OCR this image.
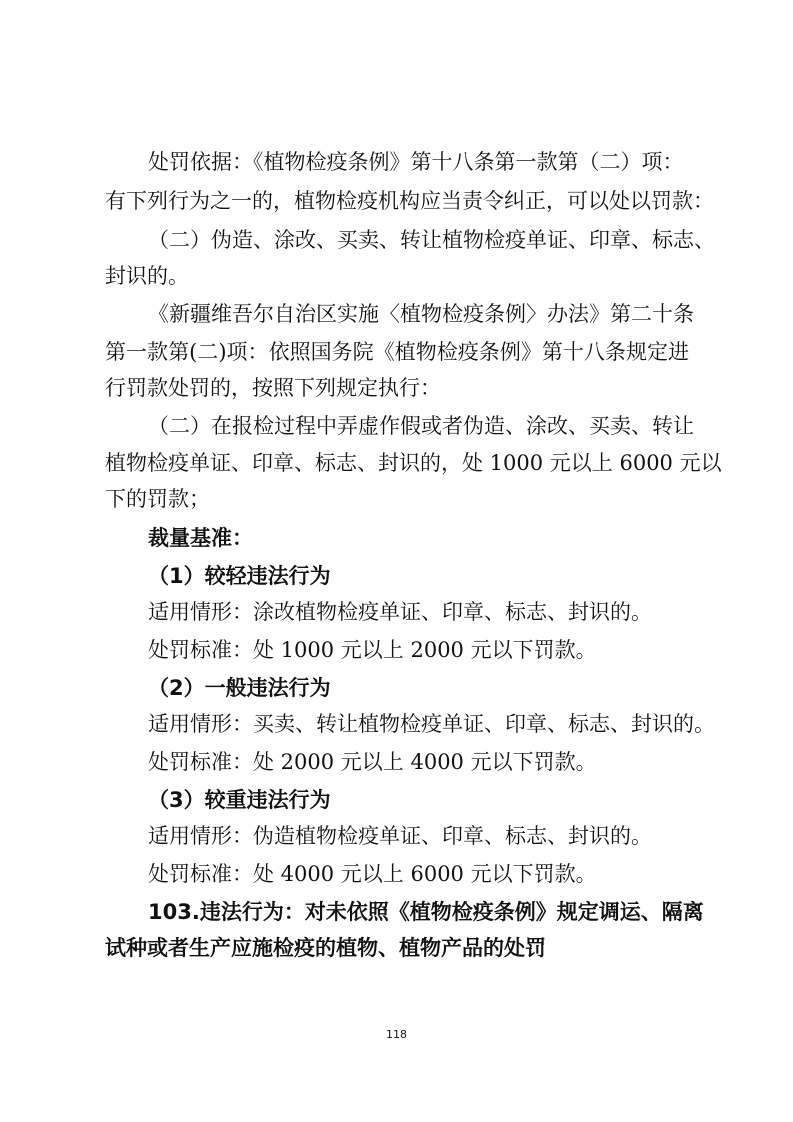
处罚依据：《植物检疫条例》第十八条第一款第（二）项：

有下列行为之一的，植物检疫机构应当责令纠正，可以处以罚款：

（二）伪造、涂改、买卖、转让植物检疫单证、印章、标志、

封识的。

《新疆维吾尔自治区实施〈植物检疫条例〉办法》第二十条

第一款第(二)项：依照国务院《植物检疫条例》第十八条规定进

行罚款处罚的，按照下列规定执行：

（二）在报检过程中弄虚作假或者伪造、涂改、买卖、转让

植物检疫单证、印章、标志、封识的，处 1000 元以上 6000 元以

下的罚款；

裁量基准：

（1）较轻违法行为

适用情形：涂改植物检疫单证、印章、标志、封识的。

处罚标准：处 1000 元以上 2000 元以下罚款。

（2）一般违法行为

适用情形：买卖、转让植物检疫单证、印章、标志、封识的。

处罚标准：处 2000 元以上 4000 元以下罚款。

（3）较重违法行为

适用情形：伪造植物检疫单证、印章、标志、封识的。

处罚标准：处 4000 元以上 6000 元以下罚款。

103.违法行为：对未依照《植物检疫条例》规定调运、隔离

试种或者生产应施检疫的植物、植物产品的处罚

118
